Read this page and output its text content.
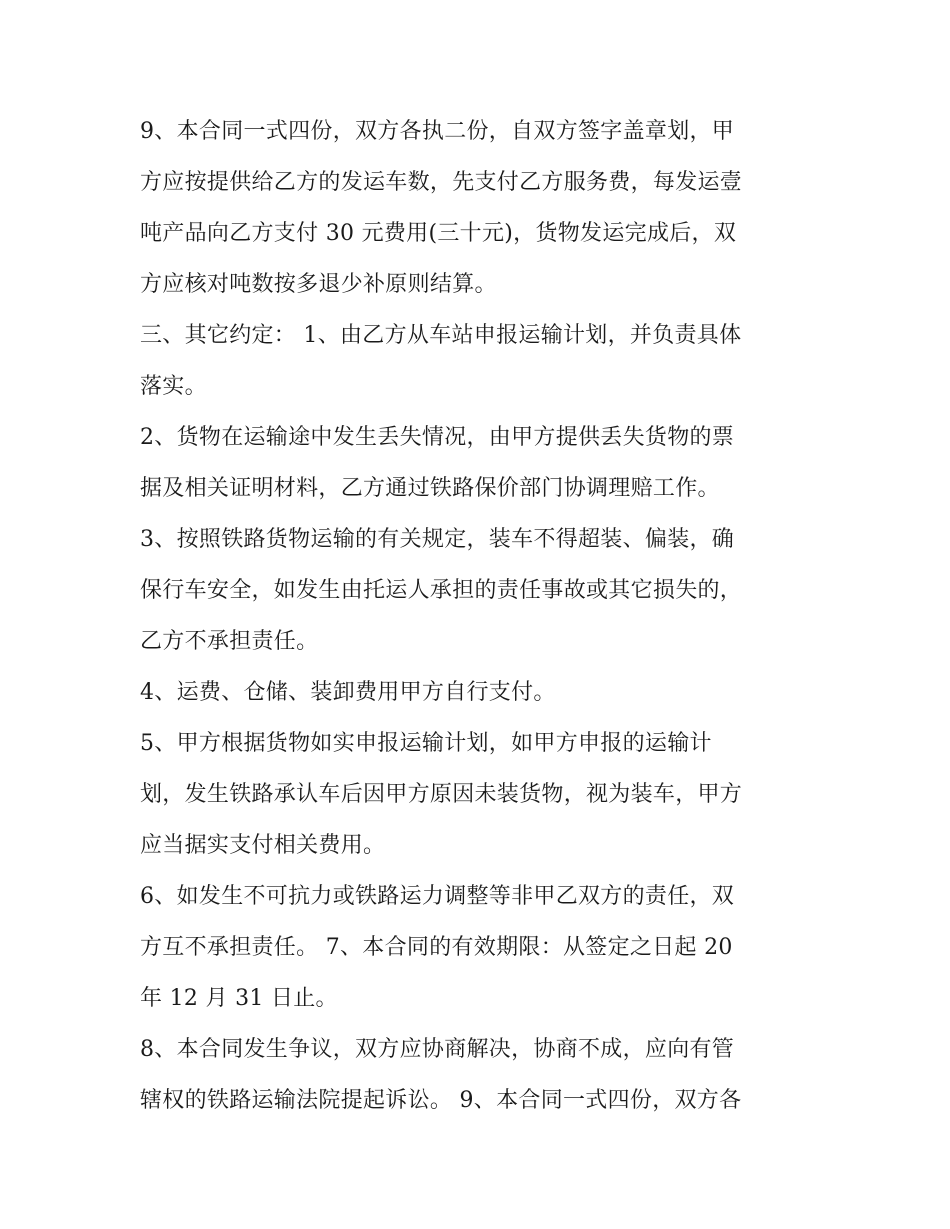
9、本合同一式四份，双方各执二份，自双方签字盖章划，甲
方应按提供给乙方的发运车数，先支付乙方服务费，每发运壹
吨产品向乙方支付 30 元费用(三十元)，货物发运完成后，双
方应核对吨数按多退少补原则结算。

三、其它约定： 1、由乙方从车站申报运输计划，并负责具体
落实。

2、货物在运输途中发生丢失情况，由甲方提供丢失货物的票
据及相关证明材料，乙方通过铁路保价部门协调理赔工作。

3、按照铁路货物运输的有关规定，装车不得超装、偏装，确
保行车安全，如发生由托运人承担的责任事故或其它损失的，
乙方不承担责任。

4、运费、仓储、装卸费用甲方自行支付。

5、甲方根据货物如实申报运输计划，如甲方申报的运输计
划，发生铁路承认车后因甲方原因未装货物，视为装车，甲方
应当据实支付相关费用。

6、如发生不可抗力或铁路运力调整等非甲乙双方的责任，双
方互不承担责任。 7、本合同的有效期限：从签定之日起 20
年 12 月 31 日止。

8、本合同发生争议，双方应协商解决，协商不成，应向有管
辖权的铁路运输法院提起诉讼。 9、本合同一式四份，双方各
